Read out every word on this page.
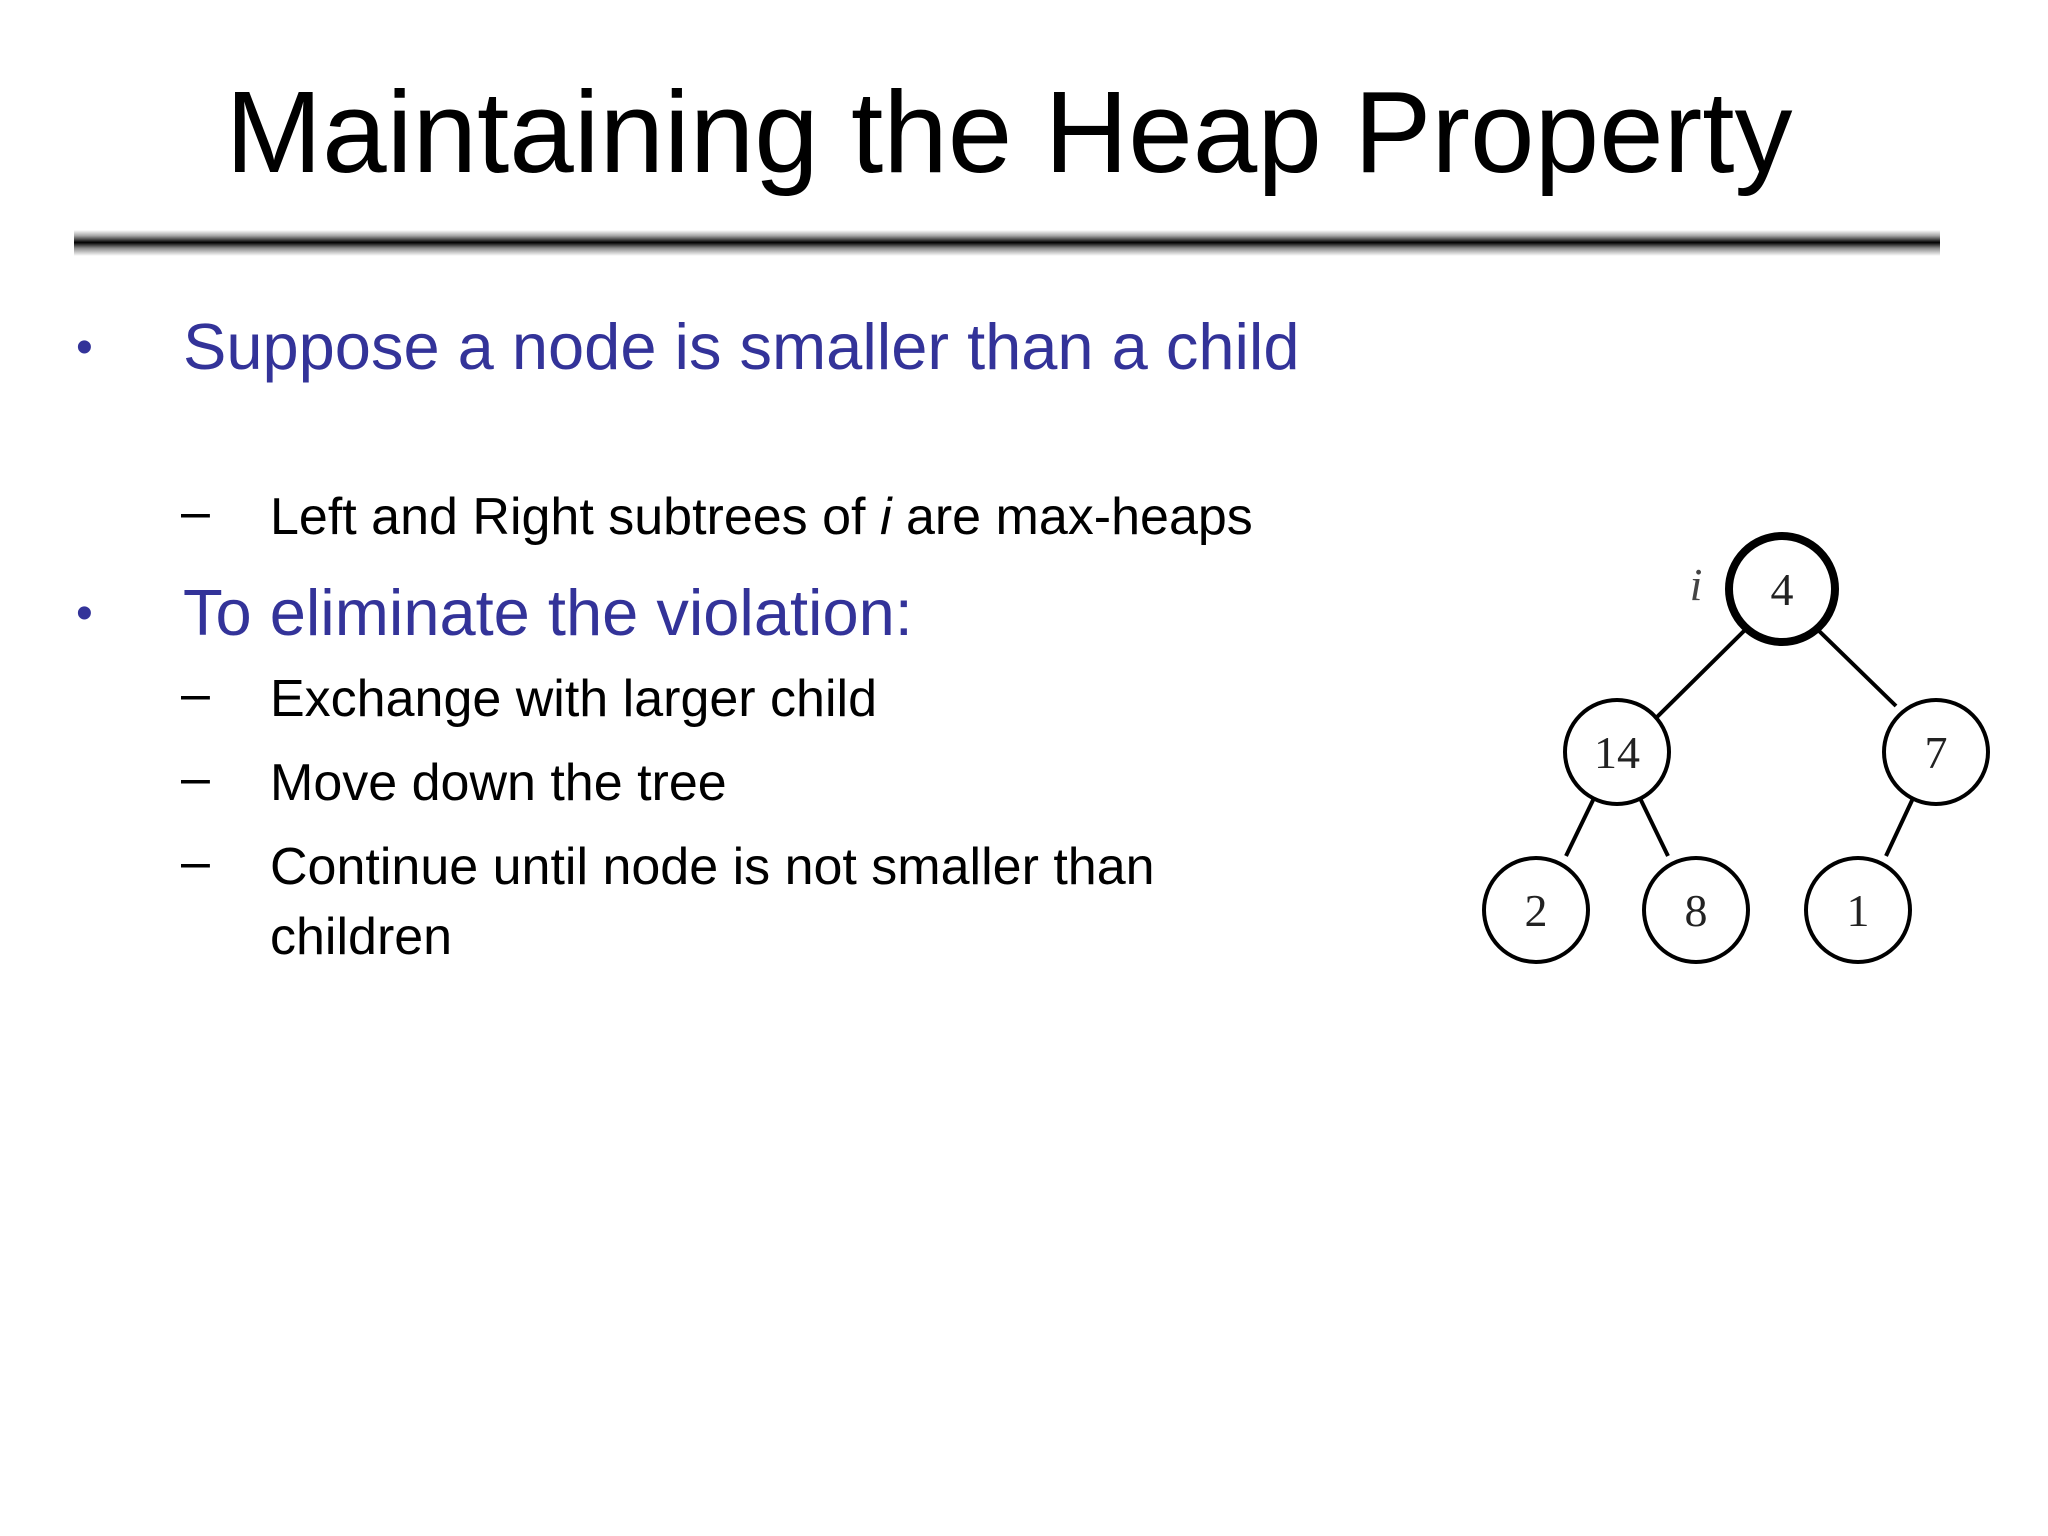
Maintaining the Heap Property
• Suppose a node is smaller than a child
– Left and Right subtrees of i are max-heaps
• To eliminate the violation:
– Exchange with larger child
– Move down the tree
– Continue until node is not smaller than children
4
i
14	7
2	8	1
